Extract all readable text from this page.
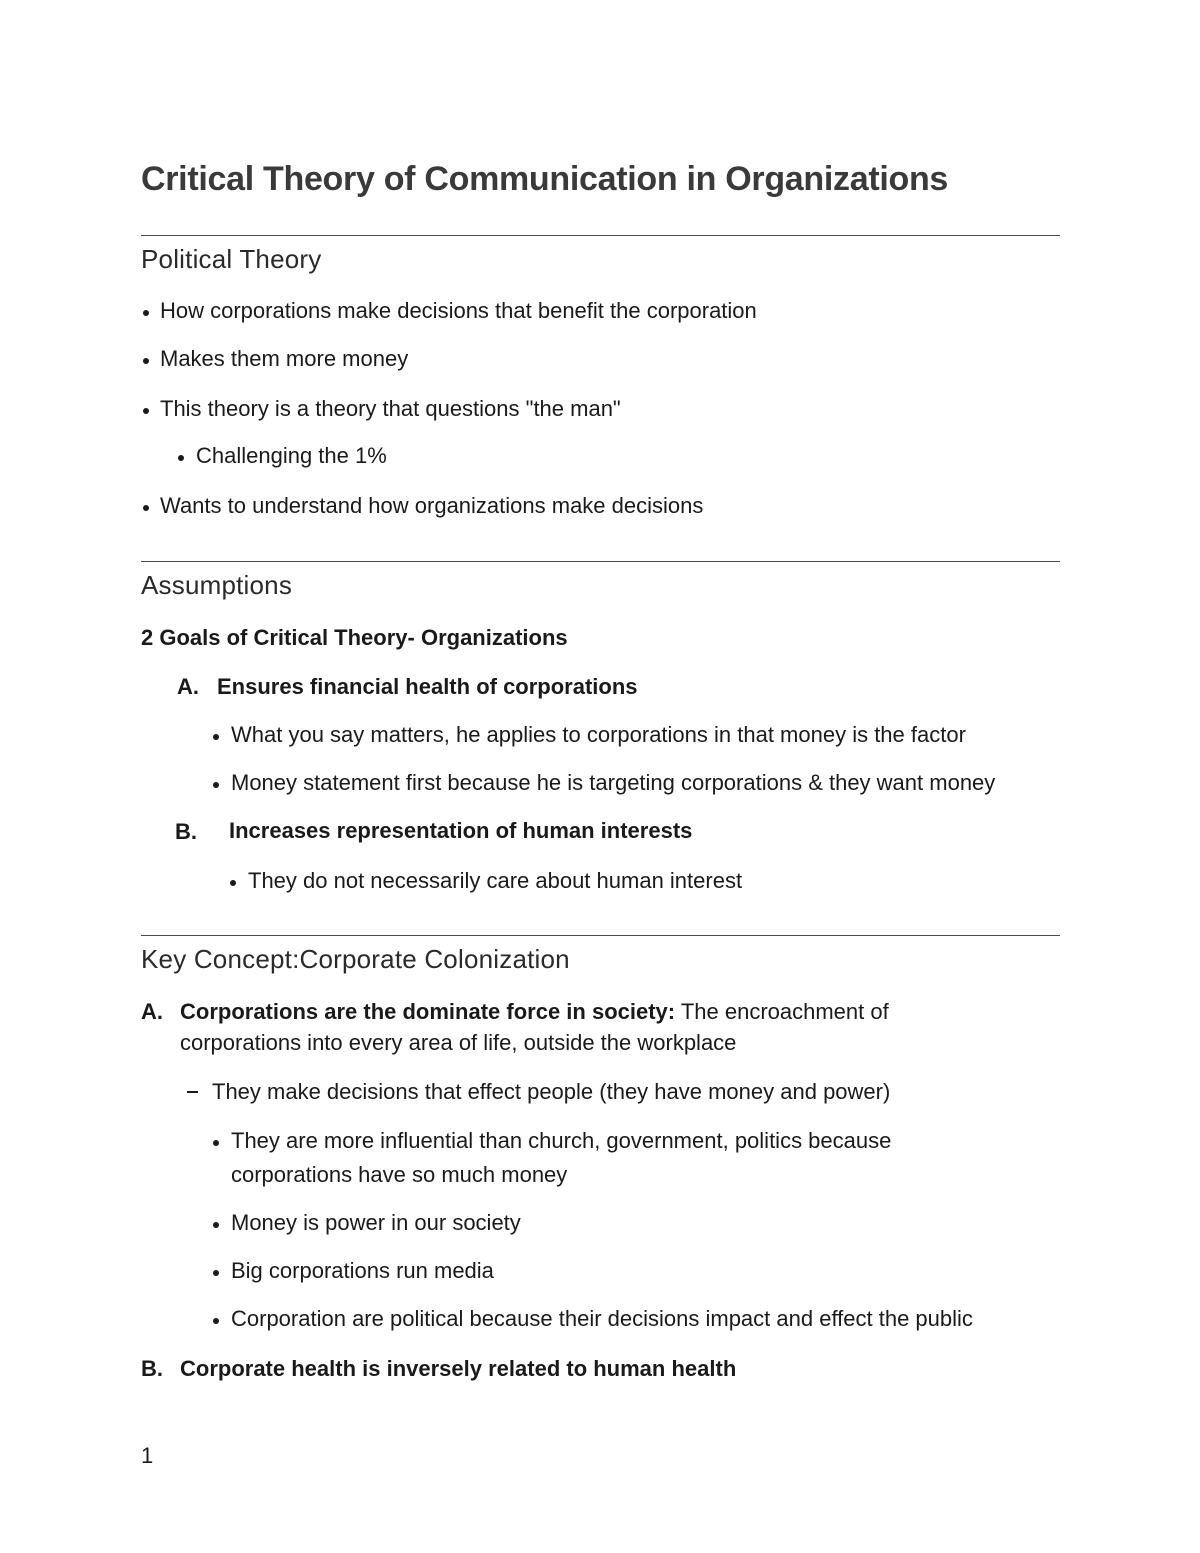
Critical Theory of Communication in Organizations
Political Theory
How corporations make decisions that benefit the corporation
Makes them more money
This theory is a theory that questions "the man"
Challenging the 1%
Wants to understand how organizations make decisions
Assumptions
2 Goals of Critical Theory- Organizations
A. Ensures financial health of corporations
What you say matters, he applies to corporations in that money is the factor
Money statement first because he is targeting corporations & they want money
B. Increases representation of human interests
They do not necessarily care about human interest
Key Concept:Corporate Colonization
A. Corporations are the dominate force in society: The encroachment of
corporations into every area of life, outside the workplace
They make decisions that effect people (they have money and power)
They are more influential than church, government, politics because
corporations have so much money
Money is power in our society
Big corporations run media
Corporation are political because their decisions impact and effect the public
B. Corporate health is inversely related to human health
1
